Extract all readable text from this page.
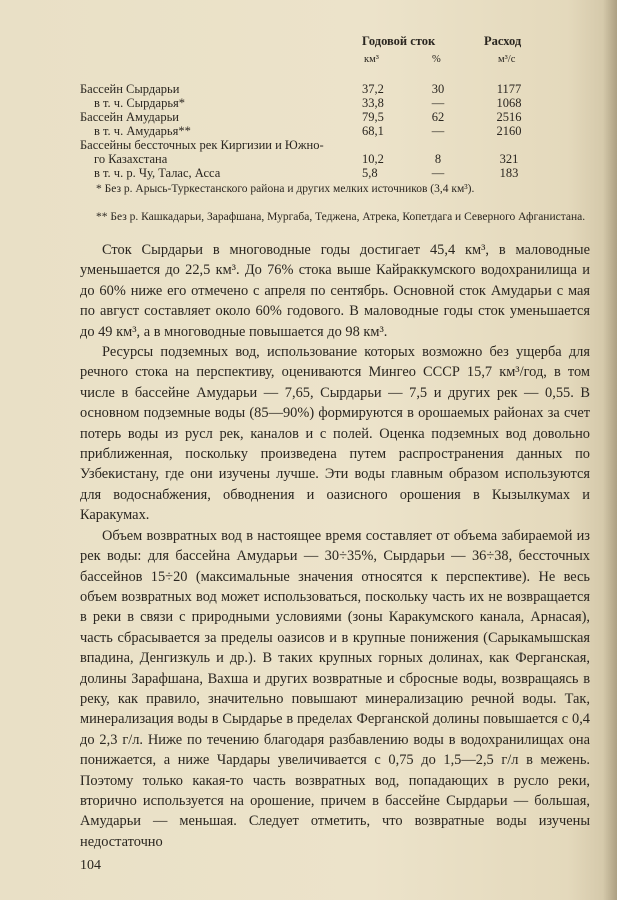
Годовой сток	Расход
км³	%	м³/с
Бассейн Сырдарьи	37,2	30	1177
в т. ч. Сырдарья*	33,8	—	1068
Бассейн Амударьи	79,5	62	2516
в т. ч. Амударья**	68,1	—	2160
Бассейны бессточных рек Киргизии и Южно-
го Казахстана	10,2	8	321
в т. ч. р. Чу, Талас, Асса	5,8	—	183
* Без р. Арысь-Туркестанского района и других мелких источников (3,4 км³).
** Без р. Кашкадарьи, Зарафшана, Мургаба, Теджена, Атрека, Копетдага и Северного Афганистана.

Сток Сырдарьи в многоводные годы достигает 45,4 км³, в маловодные уменьшается до 22,5 км³. До 76% стока выше Кайраккумского водохранилища и до 60% ниже его отмечено с апреля по сентябрь. Основной сток Амударьи с мая по август составляет около 60% годового. В маловодные годы сток уменьшается до 49 км³, а в многоводные повышается до 98 км³.

Ресурсы подземных вод, использование которых возможно без ущерба для речного стока на перспективу, оцениваются Мингео СССР 15,7 км³/год, в том числе в бассейне Амударьи — 7,65, Сырдарьи — 7,5 и других рек — 0,55. В основном подземные воды (85—90%) формируются в орошаемых районах за счет потерь воды из русл рек, каналов и с полей. Оценка подземных вод довольно приближенная, поскольку произведена путем распространения данных по Узбекистану, где они изучены лучше. Эти воды главным образом используются для водоснабжения, обводнения и оазисного орошения в Кызылкумах и Каракумах.

Объем возвратных вод в настоящее время составляет от объема забираемой из рек воды: для бассейна Амударьи — 30÷35%, Сырдарьи — 36÷38, бессточных бассейнов 15÷20 (максимальные значения относятся к перспективе). Не весь объем возвратных вод может использоваться, поскольку часть их не возвращается в реки в связи с природными условиями (зоны Каракумского канала, Арнасая), часть сбрасывается за пределы оазисов и в крупные понижения (Сарыкамышская впадина, Денгизкуль и др.). В таких крупных горных долинах, как Ферганская, долины Зарафшана, Вахша и других возвратные и сбросные воды, возвращаясь в реку, как правило, значительно повышают минерализацию речной воды. Так, минерализация воды в Сырдарье в пределах Ферганской долины повышается с 0,4 до 2,3 г/л. Ниже по течению благодаря разбавлению воды в водохранилищах она понижается, а ниже Чардары увеличивается с 0,75 до 1,5—2,5 г/л в межень. Поэтому только какая-то часть возвратных вод, попадающих в русло реки, вторично используется на орошение, причем в бассейне Сырдарьи — большая, Амударьи — меньшая. Следует отметить, что возвратные воды изучены недостаточно

104
